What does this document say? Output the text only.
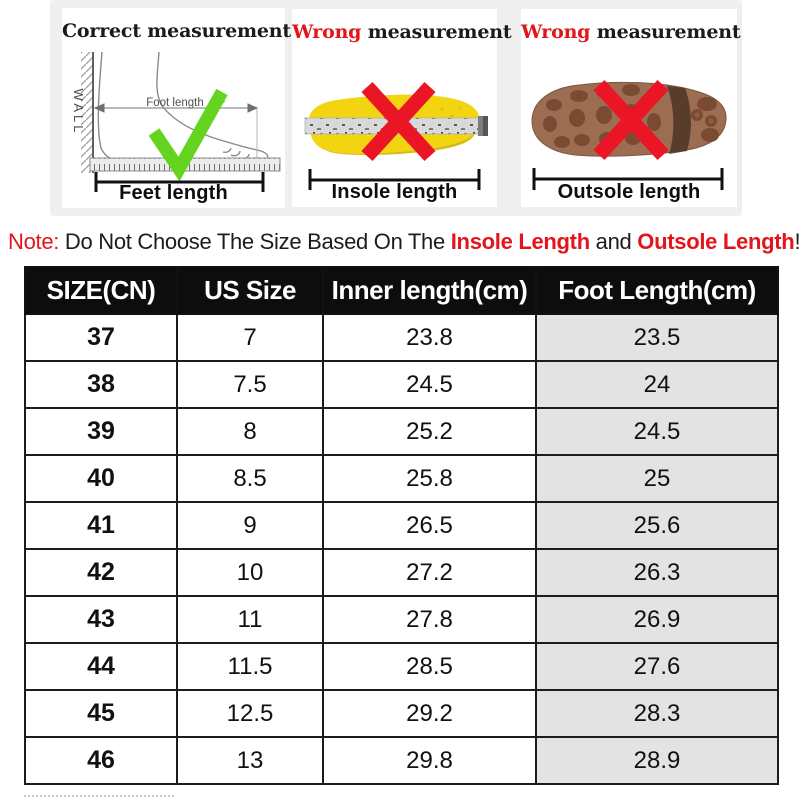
WALL	Foot length
Correct measurement
Feet length
Wrong measurement
Insole length
Wrong measurement
Outsole length
Note: Do Not Choose The Size Based On The Insole Length and Outsole Length!
SIZE(CN)	US Size	Inner length(cm)	Foot Length(cm)
37	7	23.8	23.5
38	7.5	24.5	24
39	8	25.2	24.5
40	8.5	25.8	25
41	9	26.5	25.6
42	10	27.2	26.3
43	11	27.8	26.9
44	11.5	28.5	27.6
45	12.5	29.2	28.3
46	13	29.8	28.9
